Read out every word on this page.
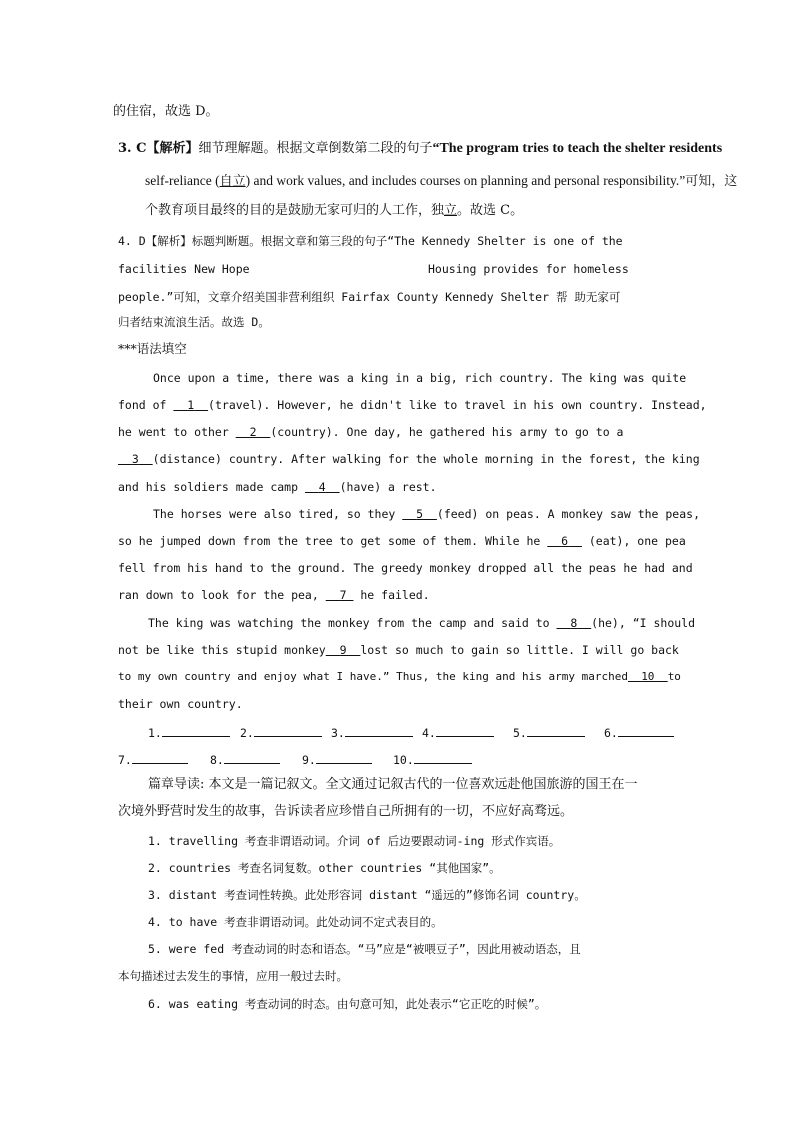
的住宿，故选 D。
3. C【解析】细节理解题。根据文章倒数第二段的句子“The program tries to teach the shelter residents
self-reliance (自立) and work values, and includes courses on planning and personal responsibility.”可知，这
个教育项目最终的目的是鼓励无家可归的人工作，独立。故选 C。
4. D【解析】标题判断题。根据文章和第三段的句子“The Kennedy Shelter is one of the
facilities New Hope	Housing provides for homeless
people.”可知，文章介绍美国非营利组织 Fairfax County Kennedy Shelter 帮 助无家可
归者结束流浪生活。故选 D。
***语法填空
Once upon a time, there was a king in a big, rich country. The king was quite
fond of   1 (travel). However, he didn't like to travel in his own country. Instead,
he went to other   2 (country). One day, he gathered his army to go to a
3 (distance) country. After walking for the whole morning in the forest, the king
and his soldiers made camp   4 (have) a rest.
The horses were also tired, so they   5 (feed) on peas. A monkey saw the peas,
so he jumped down from the tree to get some of them. While he   6   (eat), one pea
fell from his hand to the ground. The greedy monkey dropped all the peas he had and
ran down to look for the pea,   7  he failed.
The king was watching the monkey from the camp and said to   8 (he), “I should
not be like this stupid monkey 9 lost so much to gain so little. I will go back
to my own country and enjoy what I have.” Thus, the king and his army marched 10 to
their own country.
1.	2.	3.	4.	5.	6.
7.	8.	9.	10.
篇章导读: 本文是一篇记叙文。全文通过记叙古代的一位喜欢远赴他国旅游的国王在一
次境外野营时发生的故事，告诉读者应珍惜自己所拥有的一切，不应好高骛远。
1. travelling 考查非谓语动词。介词 of 后边要跟动词-ing 形式作宾语。
2. countries 考查名词复数。other countries “其他国家”。
3. distant 考查词性转换。此处形容词 distant “遥远的”修饰名词 country。
4. to have 考查非谓语动词。此处动词不定式表目的。
5. were fed 考查动词的时态和语态。“马”应是“被喂豆子”，因此用被动语态，且
本句描述过去发生的事情，应用一般过去时。
6. was eating 考查动词的时态。由句意可知，此处表示“它正吃的时候”。
